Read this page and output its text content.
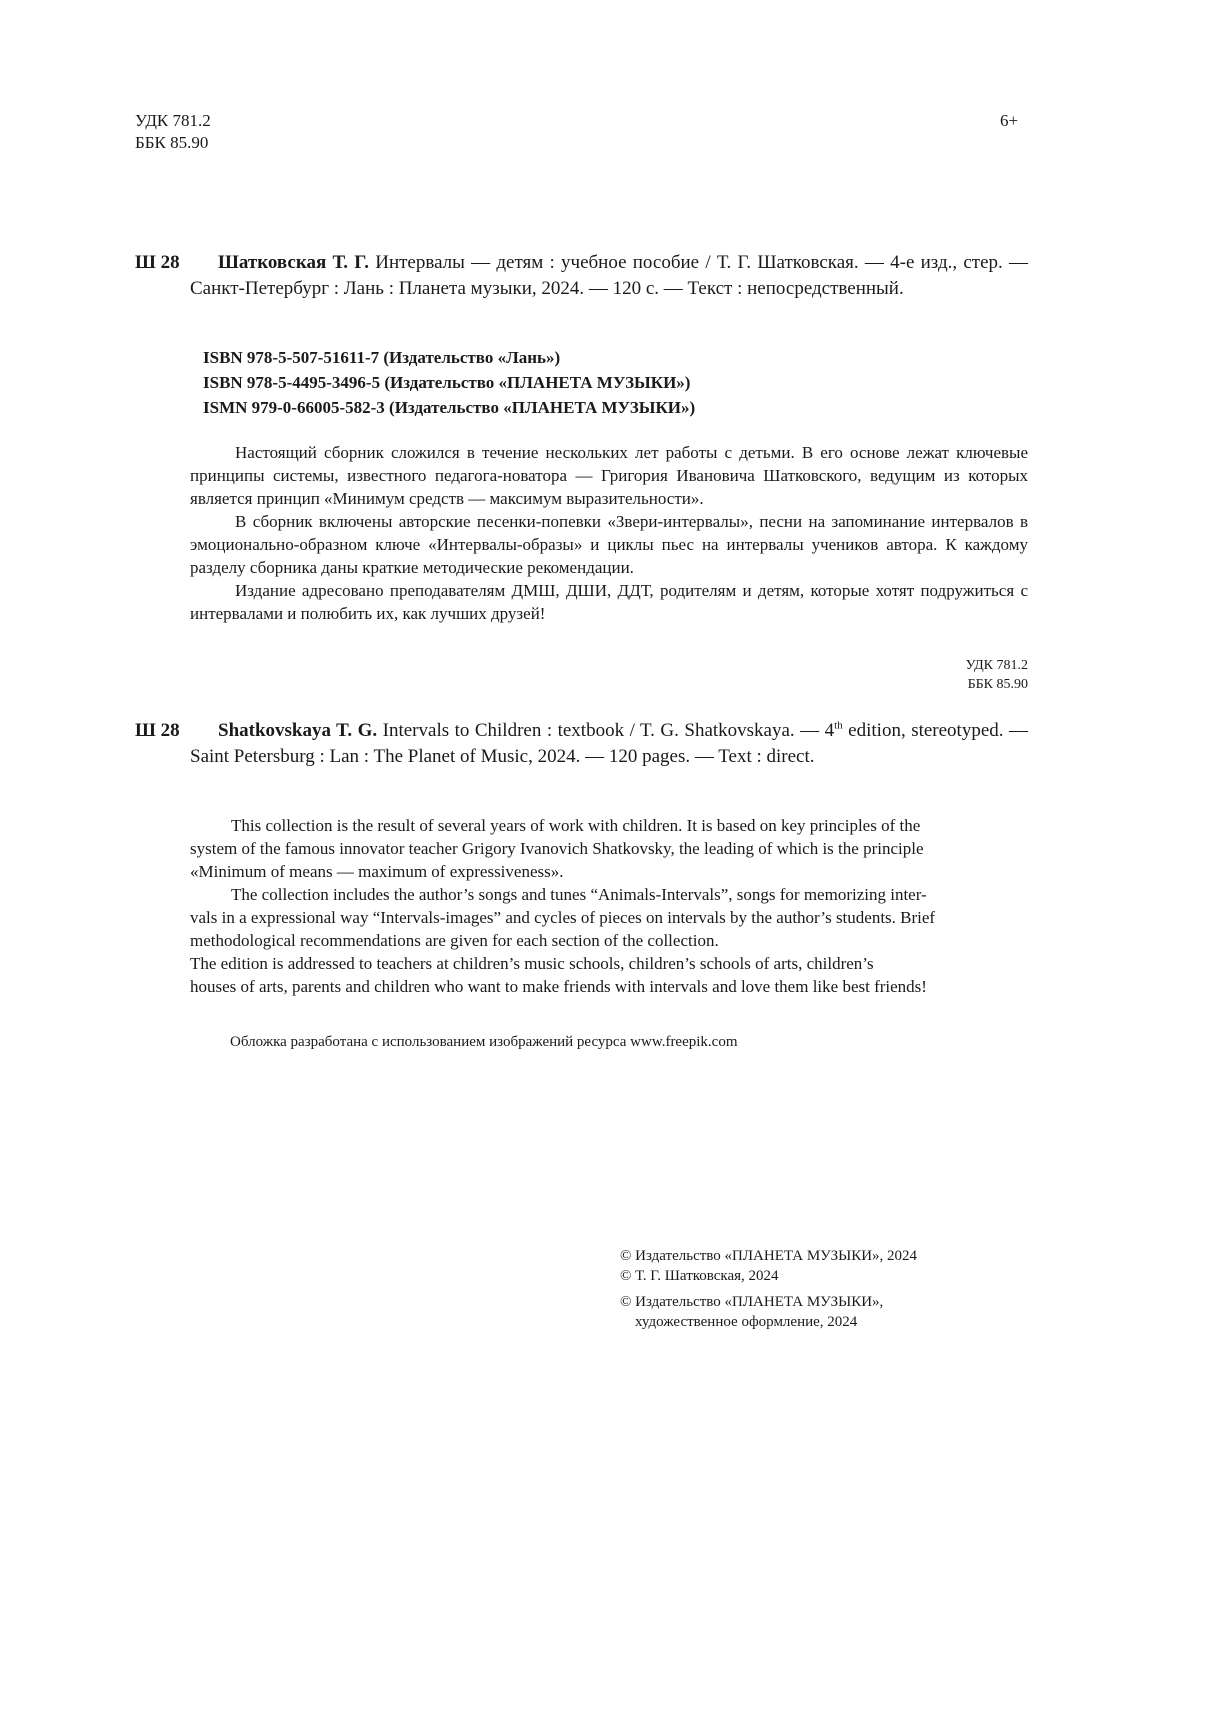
УДК 781.2
ББК 85.90
6+
Ш 28	Шатковская Т. Г. Интервалы — детям : учебное пособие / Т. Г. Шатковская. — 4-е изд., стер. — Санкт-Петербург : Лань : Планета музыки, 2024. — 120 с. — Текст : непосредственный.
ISBN 978-5-507-51611-7 (Издательство «Лань»)
ISBN 978-5-4495-3496-5 (Издательство «ПЛАНЕТА МУЗЫКИ»)
ISMN 979-0-66005-582-3 (Издательство «ПЛАНЕТА МУЗЫКИ»)

Настоящий сборник сложился в течение нескольких лет работы с детьми. В его основе лежат ключевые принципы системы, известного педагога-новатора — Григория Ивановича Шатковского, ведущим из которых является принцип «Минимум средств — максимум выразительности».

В сборник включены авторские песенки-попевки «Звери-интервалы», песни на запоминание интервалов в эмоционально-образном ключе «Интервалы-образы» и циклы пьес на интервалы учеников автора. К каждому разделу сборника даны краткие методические рекомендации.

Издание адресовано преподавателям ДМШ, ДШИ, ДДТ, родителям и детям, которые хотят подружиться с интервалами и полюбить их, как лучших друзей!

УДК 781.2
ББК 85.90
Ш 28	Shatkovskaya T. G. Intervals to Children : textbook / T. G. Shatkovskaya. — 4th edition, stereotyped. — Saint Petersburg : Lan : The Planet of Music, 2024. — 120 pages. — Text : direct.

This collection is the result of several years of work with children. It is based on key principles of the
system of the famous innovator teacher Grigory Ivanovich Shatkovsky, the leading of which is the principle
«Minimum of means — maximum of expressiveness».

The collection includes the author’s songs and tunes “Animals-Intervals”, songs for memorizing inter-
vals in a expressional way “Intervals-images” and cycles of pieces on intervals by the author’s students. Brief
methodological recommendations are given for each section of the collection.

The edition is addressed to teachers at children’s music schools, children’s schools of arts, children’s
houses of arts, parents and children who want to make friends with intervals and love them like best friends!

Обложка разработана с использованием изображений ресурса www.freepik.com
© Издательство «ПЛАНЕТА МУЗЫКИ», 2024
© Т. Г. Шатковская, 2024
© Издательство «ПЛАНЕТА МУЗЫКИ»,
художественное оформление, 2024
